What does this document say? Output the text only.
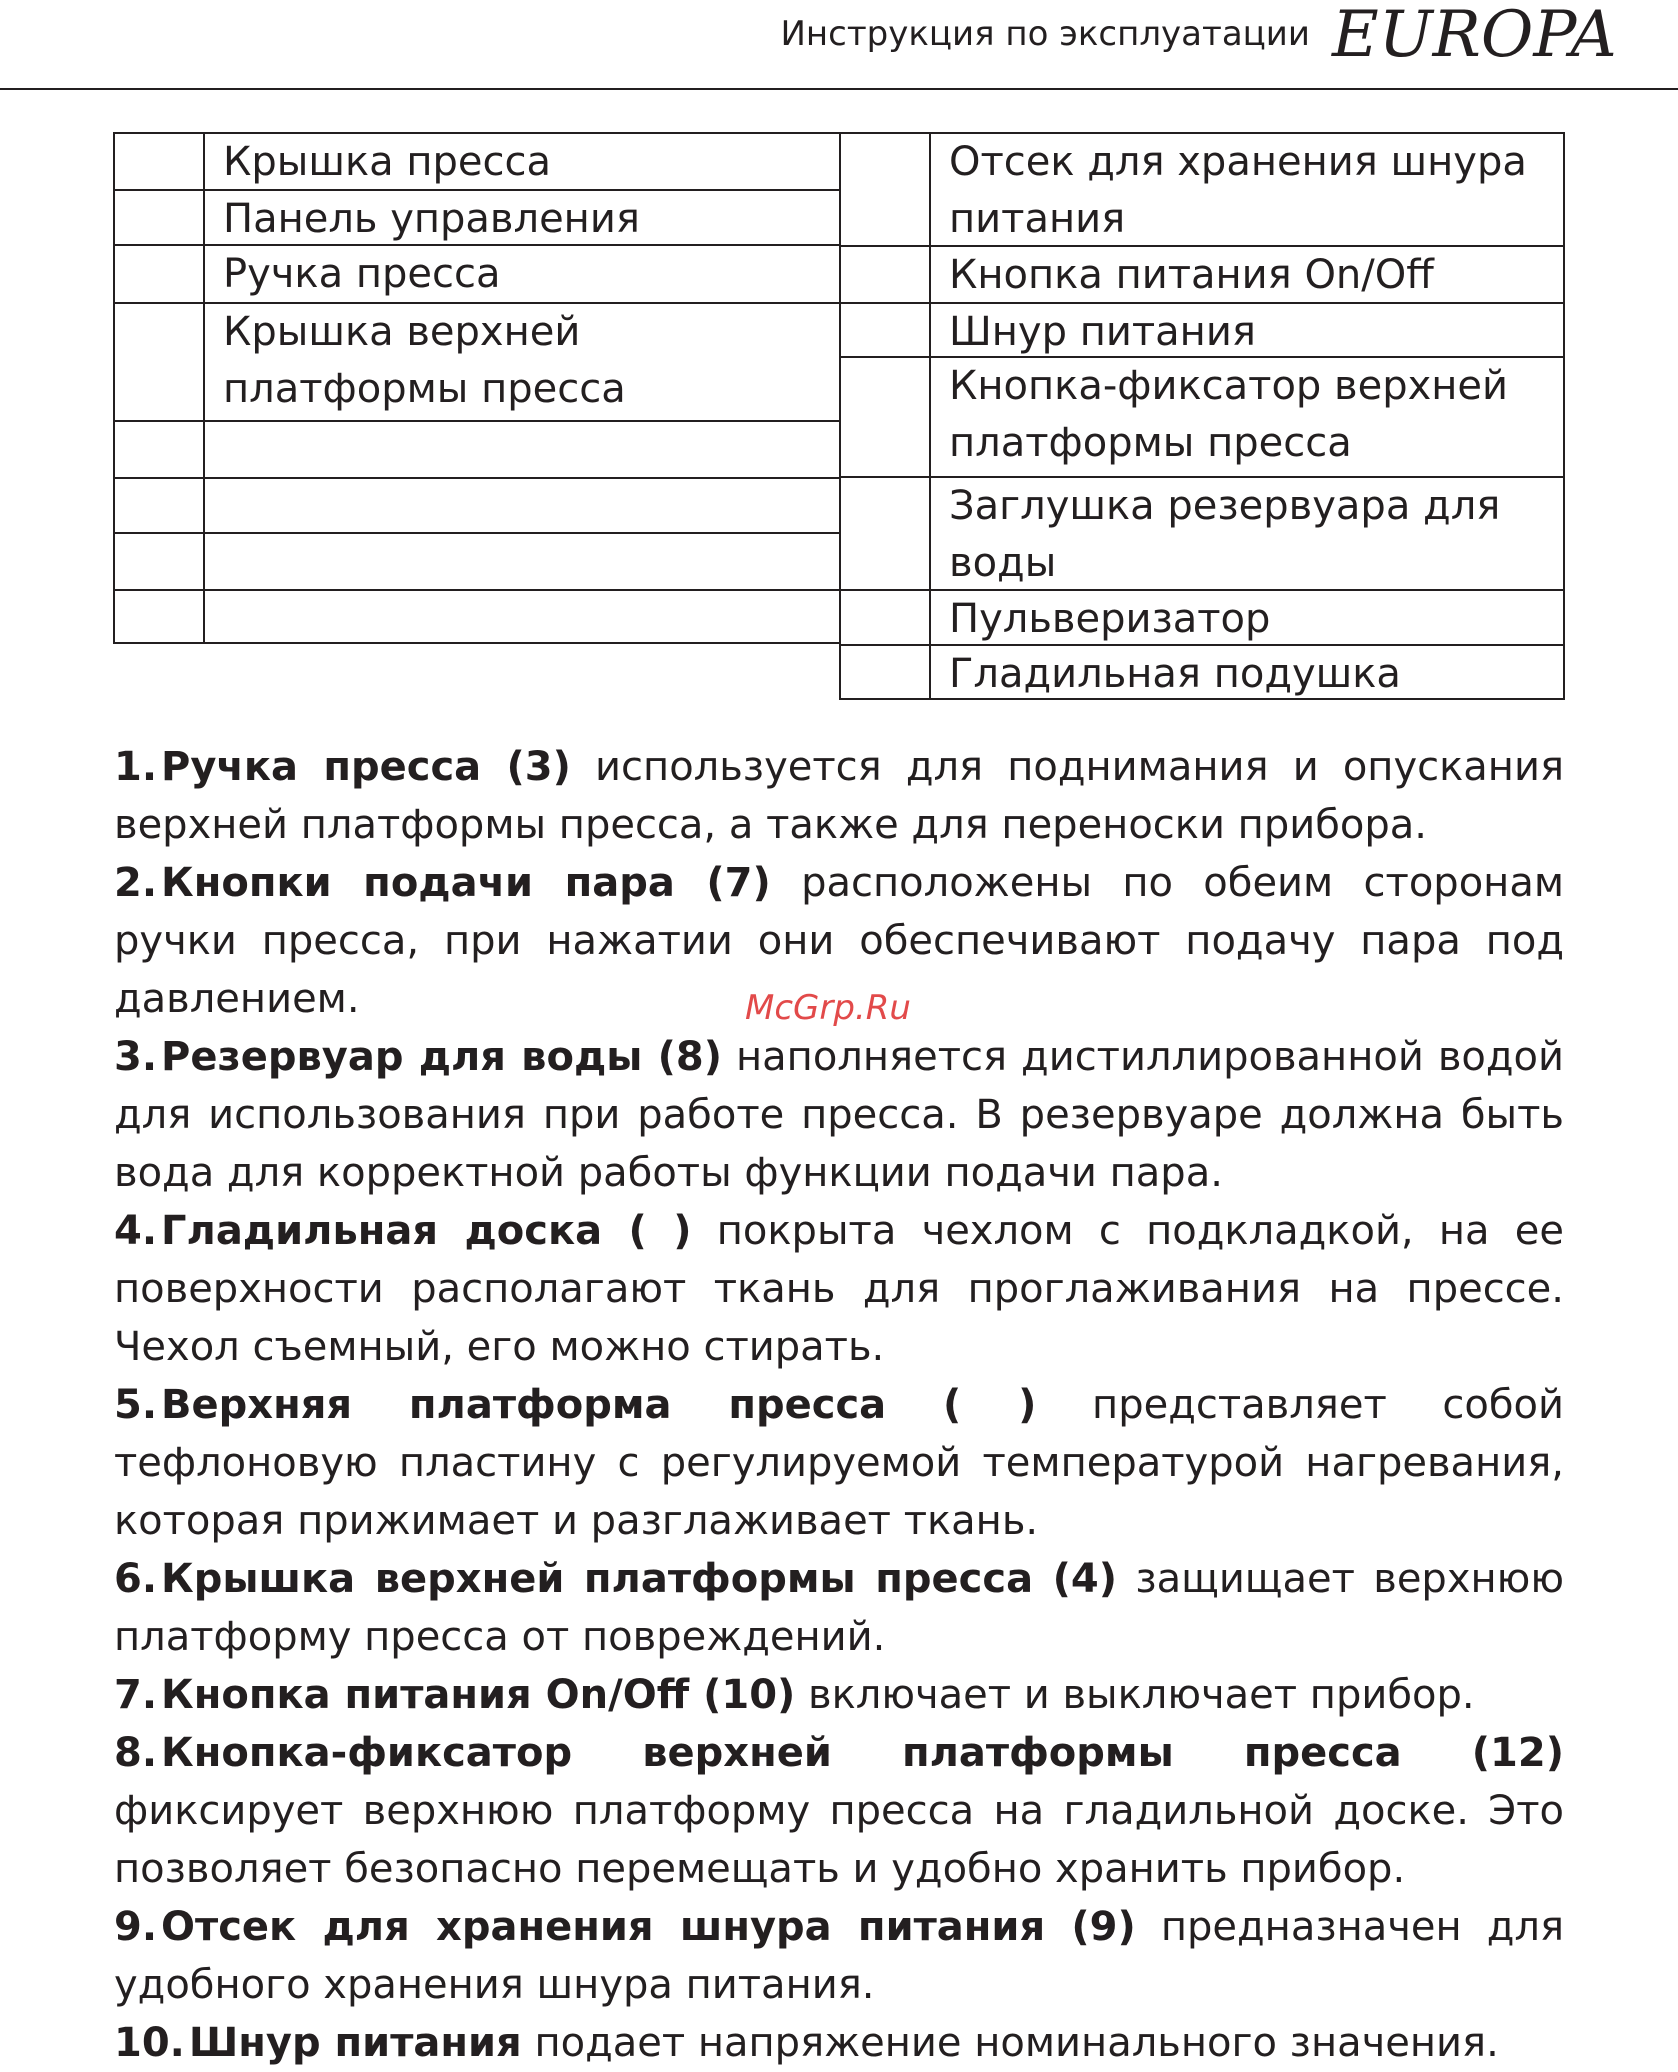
Инструкция по эксплуатации EUROPA

Крышка пресса

Панель управления

Ручка пресса

Крышка верхней платформы пресса

Отсек для хранения шнура питания

Кнопка питания On/Off

Шнур питания

Кнопка-фиксатор верхней платформы пресса

Заглушка резервуара для воды

Пульверизатор

Гладильная подушка

1. Ручка пресса (3) используется для поднимания и опускания верхней платформы пресса, а также для переноски прибора.

2. Кнопки подачи пара (7) расположены по обеим сторонам ручки пресса, при нажатии они обеспечивают подачу пара под давлением.

3. Резервуар для воды (8) наполняется дистиллированной водой для использования при работе пресса. В резервуаре должна быть вода для корректной работы функции подачи пара.

4. Гладильная доска ( ) покрыта чехлом с подкладкой, на ее поверхности располагают ткань для проглаживания на прессе. Чехол съемный, его можно стирать.

5. Верхняя платформа пресса ( ) представляет собой тефлоновую пластину с регулируемой температурой нагревания, которая прижимает и разглаживает ткань.

6. Крышка верхней платформы пресса (4) защищает верхнюю платформу пресса от повреждений.

7. Кнопка питания On/Off (10) включает и выключает прибор.

8. Кнопка-фиксатор верхней платформы пресса (12) фиксирует верхнюю платформу пресса на гладильной доске. Это позволяет безопасно перемещать и удобно хранить прибор.

9. Отсек для хранения шнура питания (9) предназначен для удобного хранения шнура питания.

10. Шнур питания подает напряжение номинального значения.

McGrp.Ru
